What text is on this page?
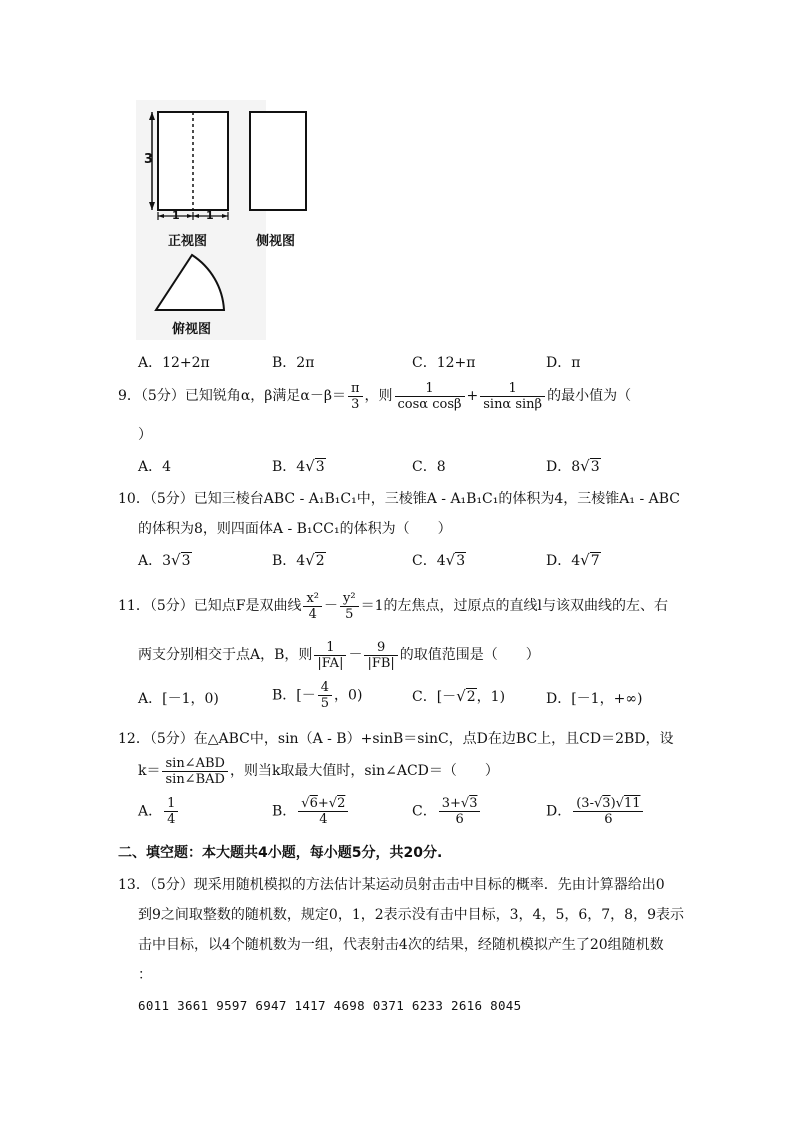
3
1 1
正视图	侧视图
俯视图
A．12+2π	B．2π	C．12+π	D．π
9．（5分）已知锐角α，β满足$\alpha-\beta= \frac{\pi}{3}$ ，则 $\frac{1}{\text{cosα cosβ}} + \frac{1}{\text{sinα sinβ}}$ 的最小值为（
）
A．4	B．4√3	C．8	D．8√3
10．（5分）已知三棱台ABC - A₁B₁C₁中，三棱锥A - A₁B₁C₁的体积为4，三棱锥A₁ - ABC
的体积为8，则四面体A - B₁CC₁的体积为（　　）
A．3√3	B．4√2	C．4√3	D．4√7
11．（5分）已知点F是双曲线 $\frac{\text{x²}}{4} - \frac{\text{y²}}{5} =1$的左焦点，过原点的直线l与该双曲线的左、右
两支分别相交于点A，B，则 $\frac{1}{|FA|} - \frac{9}{|FB|}$ 的取值范围是（　　）
A．[－1，0)	B．[－ $\frac{4}{5}$ ，0)	C．[－√2，1)	D．[－1，+∞)
12．（5分）在△ABC中，sin（A - B）+sinB＝sinC，点D在边BC上，且CD＝2BD，设
$k= \frac{\text{sin∠ABD}}{\text{sin∠BAD}}$ ，则当k取最大值时，sin∠ACD＝（　　）
A． $\frac{1}{4}$	B． $\frac{√6+√2}{4}$	C． $\frac{3+√3}{6}$	D． $\frac{(3-√3)√11}{6}$
二、填空题：本大题共4小题，每小题5分，共20分.
13．（5分）现采用随机模拟的方法估计某运动员射击击中目标的概率．先由计算器给出0
到9之间取整数的随机数，规定0，1，2表示没有击中目标，3，4，5，6，7，8，9表示
击中目标，以4个随机数为一组，代表射击4次的结果，经随机模拟产生了20组随机数
：
6011 3661 9597 6947 1417 4698 0371 6233 2616 8045
